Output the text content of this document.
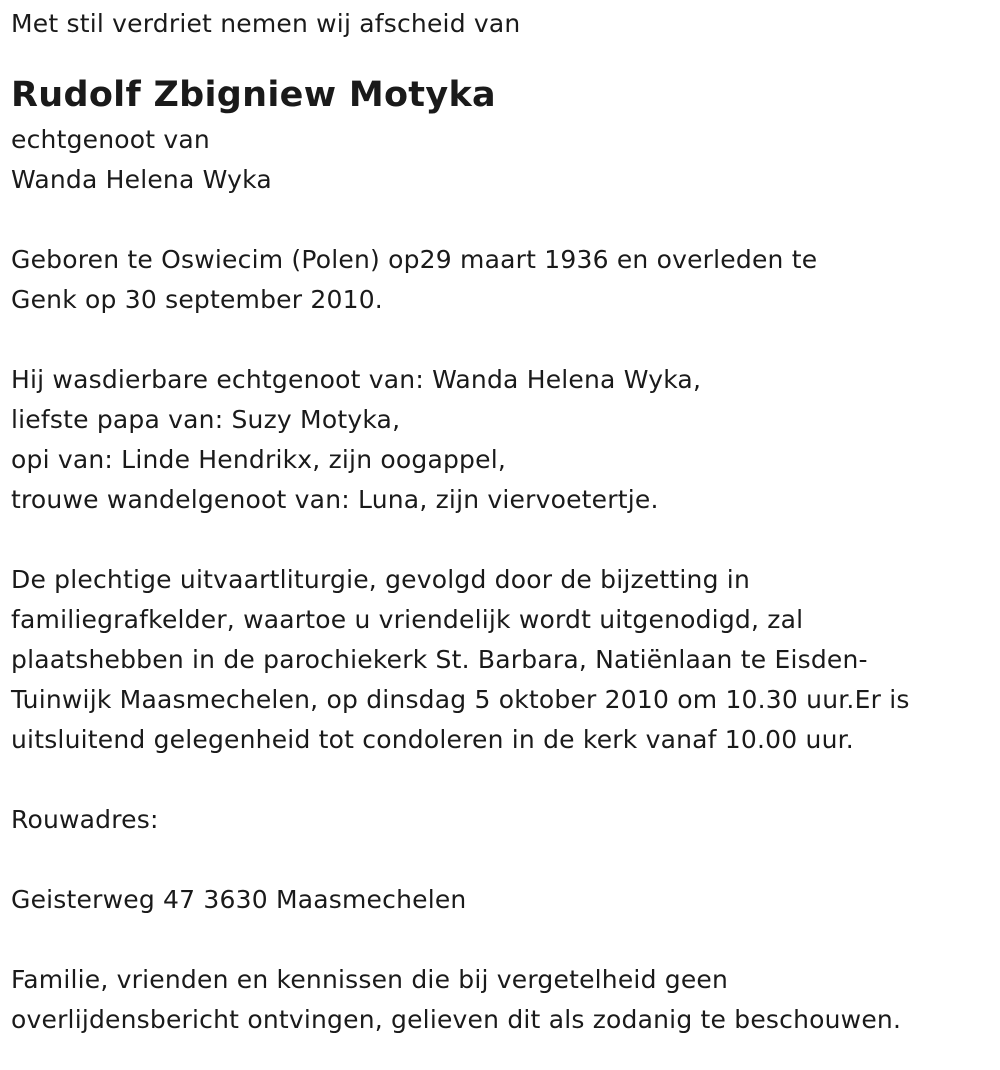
Met stil verdriet nemen wij afscheid van
Rudolf Zbigniew Motyka
echtgenoot van
Wanda Helena Wyka
Geboren te Oswiecim (Polen) op29 maart 1936 en overleden te
Genk op 30 september 2010.
Hij wasdierbare echtgenoot van: Wanda Helena Wyka,
liefste papa van: Suzy Motyka,
opi van: Linde Hendrikx, zijn oogappel,
trouwe wandelgenoot van: Luna, zijn viervoetertje.
De plechtige uitvaartliturgie, gevolgd door de bijzetting in
familiegrafkelder, waartoe u vriendelijk wordt uitgenodigd, zal
plaatshebben in de parochiekerk St. Barbara, Natiënlaan te Eisden-
Tuinwijk Maasmechelen, op dinsdag 5 oktober 2010 om 10.30 uur.Er is
uitsluitend gelegenheid tot condoleren in de kerk vanaf 10.00 uur.
Rouwadres:
Geisterweg 47 3630 Maasmechelen
Familie, vrienden en kennissen die bij vergetelheid geen
overlijdensbericht ontvingen, gelieven dit als zodanig te beschouwen.
